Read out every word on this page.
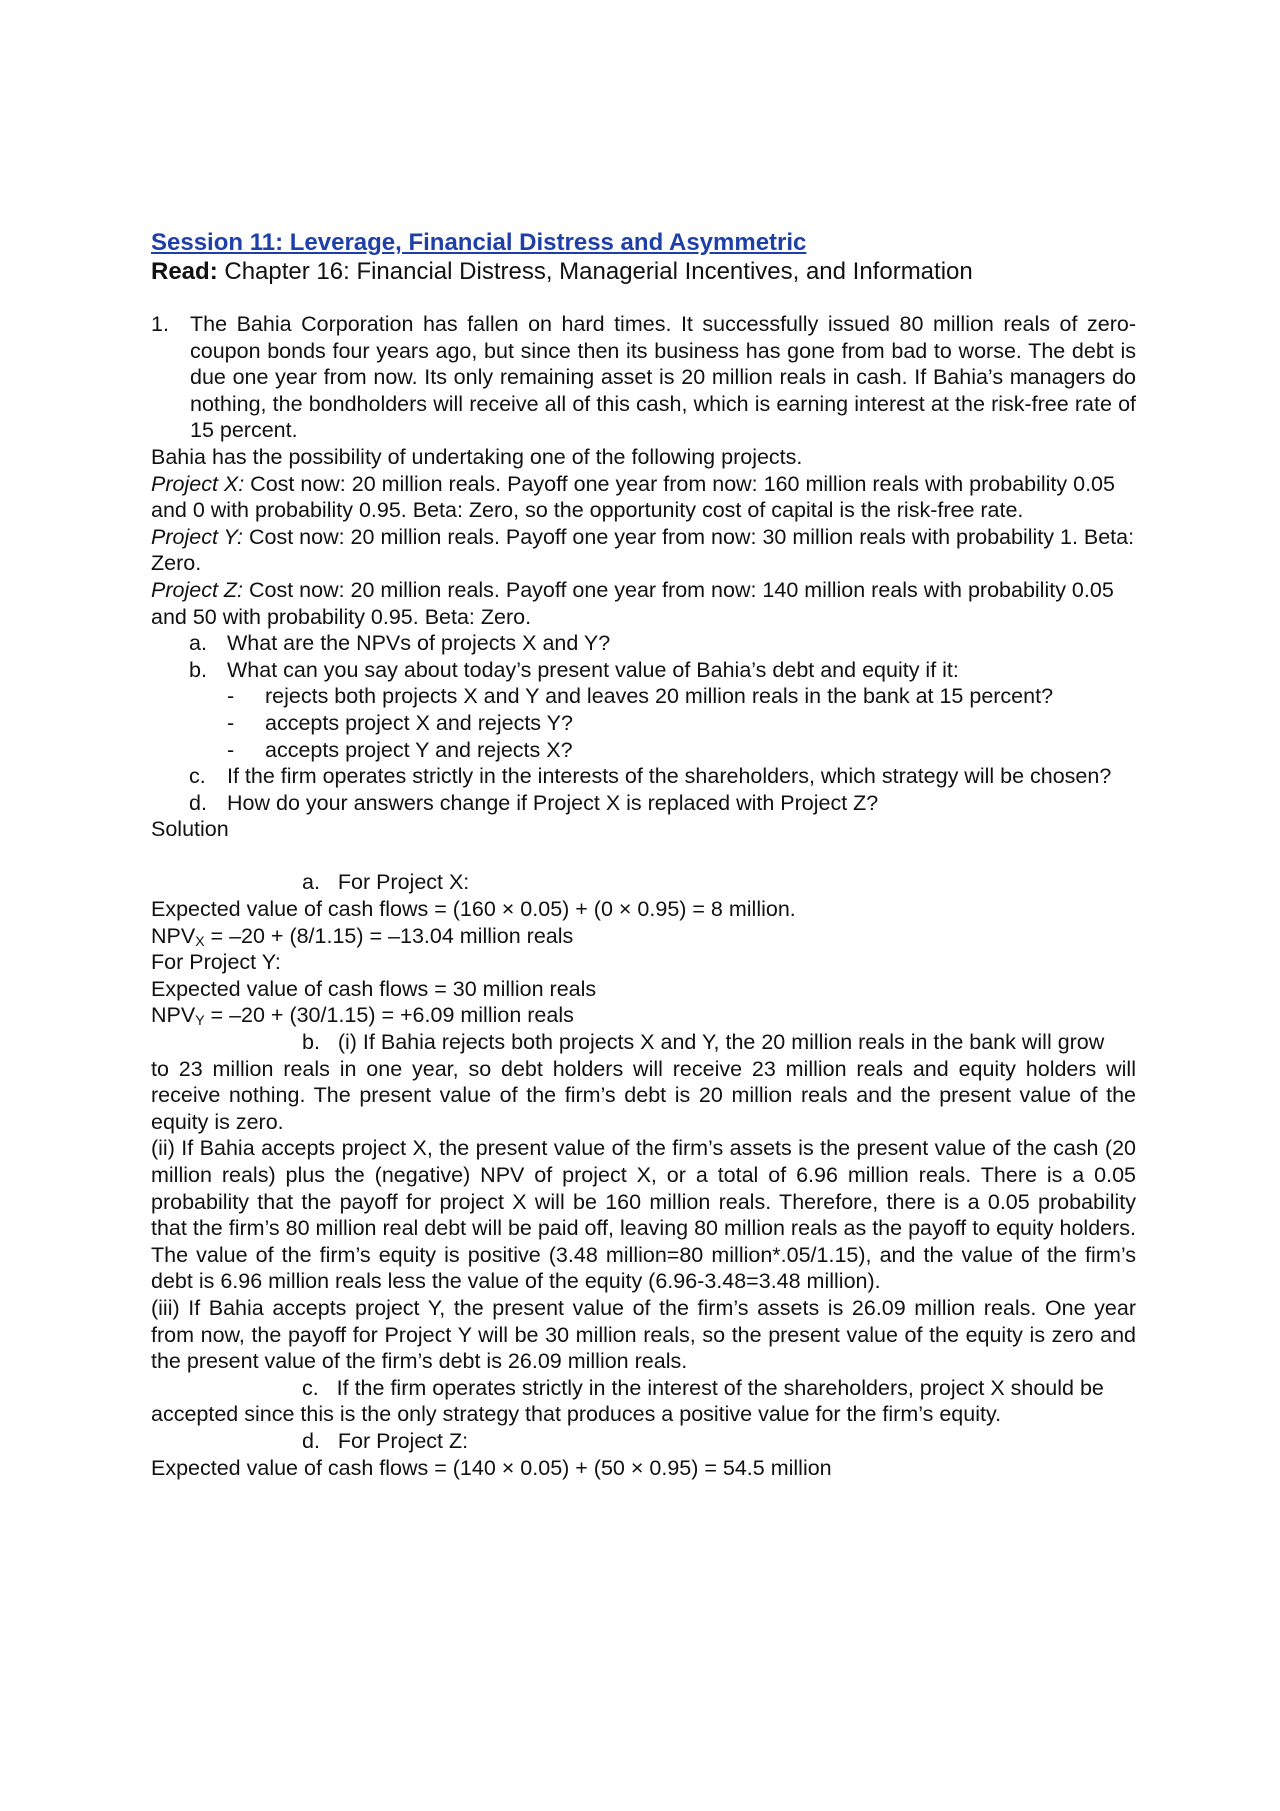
Session 11: Leverage, Financial Distress and Asymmetric
Read: Chapter 16: Financial Distress, Managerial Incentives, and Information
1. The Bahia Corporation has fallen on hard times. It successfully issued 80 million reals of zero-coupon bonds four years ago, but since then its business has gone from bad to worse. The debt is due one year from now. Its only remaining asset is 20 million reals in cash. If Bahia’s managers do nothing, the bondholders will receive all of this cash, which is earning interest at the risk-free rate of 15 percent.
Bahia has the possibility of undertaking one of the following projects.
Project X: Cost now: 20 million reals. Payoff one year from now: 160 million reals with probability 0.05 and 0 with probability 0.95. Beta: Zero, so the opportunity cost of capital is the risk-free rate.
Project Y: Cost now: 20 million reals. Payoff one year from now: 30 million reals with probability 1. Beta: Zero.
Project Z: Cost now: 20 million reals. Payoff one year from now: 140 million reals with probability 0.05 and 50 with probability 0.95. Beta: Zero.
a. What are the NPVs of projects X and Y?
b. What can you say about today’s present value of Bahia’s debt and equity if it:
-	rejects both projects X and Y and leaves 20 million reals in the bank at 15 percent?
-	accepts project X and rejects Y?
-	accepts project Y and rejects X?
c. If the firm operates strictly in the interests of the shareholders, which strategy will be chosen?
d. How do your answers change if Project X is replaced with Project Z?
Solution
a. For Project X:
Expected value of cash flows = (160 × 0.05) + (0 × 0.95) = 8 million.
$NPV_X = -20 + (8/1.15) = -13.04$ million reals
For Project Y:
Expected value of cash flows = 30 million reals
$NPV_Y = -20 + (30/1.15) = +6.09$ million reals
b. (i) If Bahia rejects both projects X and Y, the 20 million reals in the bank will grow
to 23 million reals in one year, so debt holders will receive 23 million reals and equity holders will receive nothing. The present value of the firm’s debt is 20 million reals and the present value of the equity is zero.
(ii) If Bahia accepts project X, the present value of the firm’s assets is the present value of the cash (20 million reals) plus the (negative) NPV of project X, or a total of 6.96 million reals. There is a 0.05 probability that the payoff for project X will be 160 million reals. Therefore, there is a 0.05 probability that the firm’s 80 million real debt will be paid off, leaving 80 million reals as the payoff to equity holders. The value of the firm’s equity is positive (3.48 million=80 million*.05/1.15), and the value of the firm’s debt is 6.96 million reals less the value of the equity (6.96-3.48=3.48 million).
(iii) If Bahia accepts project Y, the present value of the firm’s assets is 26.09 million reals. One year from now, the payoff for Project Y will be 30 million reals, so the present value of the equity is zero and the present value of the firm’s debt is 26.09 million reals.
c. If the firm operates strictly in the interest of the shareholders, project X should be
accepted since this is the only strategy that produces a positive value for the firm’s equity.
d. For Project Z:
Expected value of cash flows = (140 × 0.05) + (50 × 0.95) = 54.5 million
